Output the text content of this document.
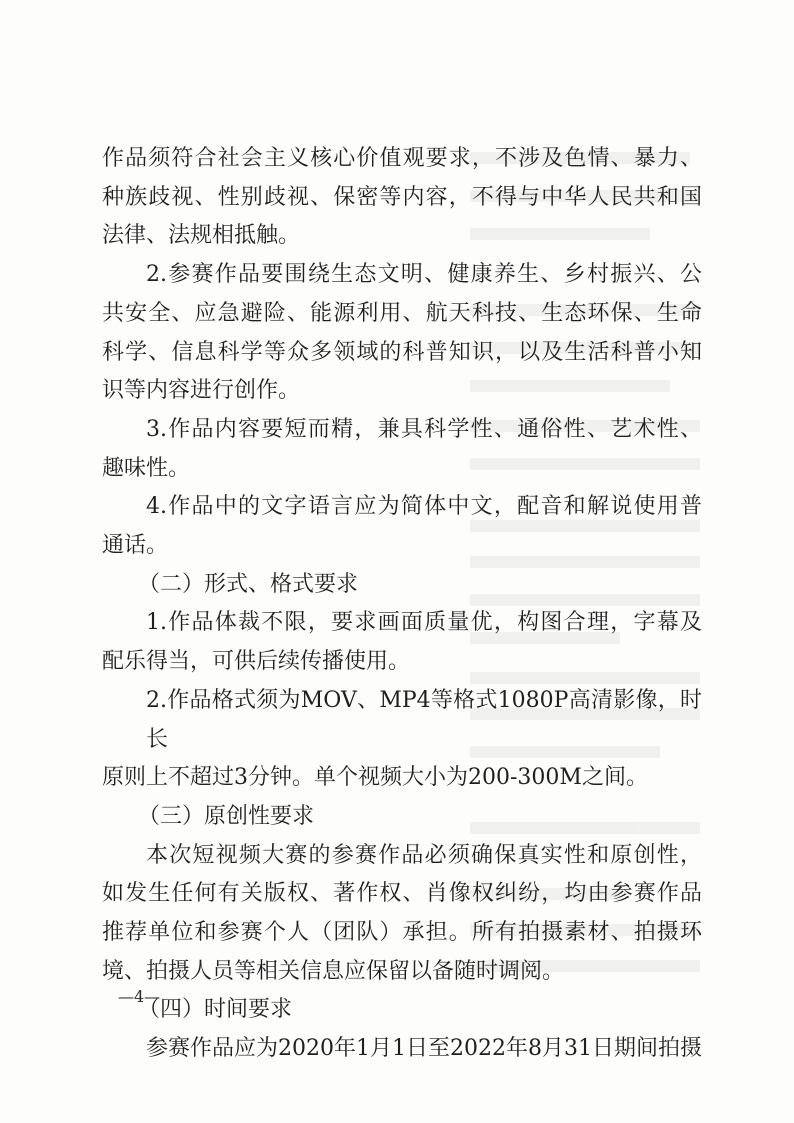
作品须符合社会主义核心价值观要求，不涉及色情、暴力、
种族歧视、性别歧视、保密等内容，不得与中华人民共和国
法律、法规相抵触。
2.参赛作品要围绕生态文明、健康养生、乡村振兴、公
共安全、应急避险、能源利用、航天科技、生态环保、生命
科学、信息科学等众多领域的科普知识，以及生活科普小知
识等内容进行创作。
3.作品内容要短而精，兼具科学性、通俗性、艺术性、
趣味性。
4.作品中的文字语言应为简体中文，配音和解说使用普
通话。
（二）形式、格式要求
1.作品体裁不限，要求画面质量优，构图合理，字幕及
配乐得当，可供后续传播使用。
2.作品格式须为MOV、MP4等格式1080P高清影像，时长
原则上不超过3分钟。单个视频大小为200-300M之间。
（三）原创性要求
本次短视频大赛的参赛作品必须确保真实性和原创性，
如发生任何有关版权、著作权、肖像权纠纷，均由参赛作品
推荐单位和参赛个人（团队）承担。所有拍摄素材、拍摄环
境、拍摄人员等相关信息应保留以备随时调阅。
（四）时间要求
参赛作品应为2020年1月1日至2022年8月31日期间拍摄
—4—
